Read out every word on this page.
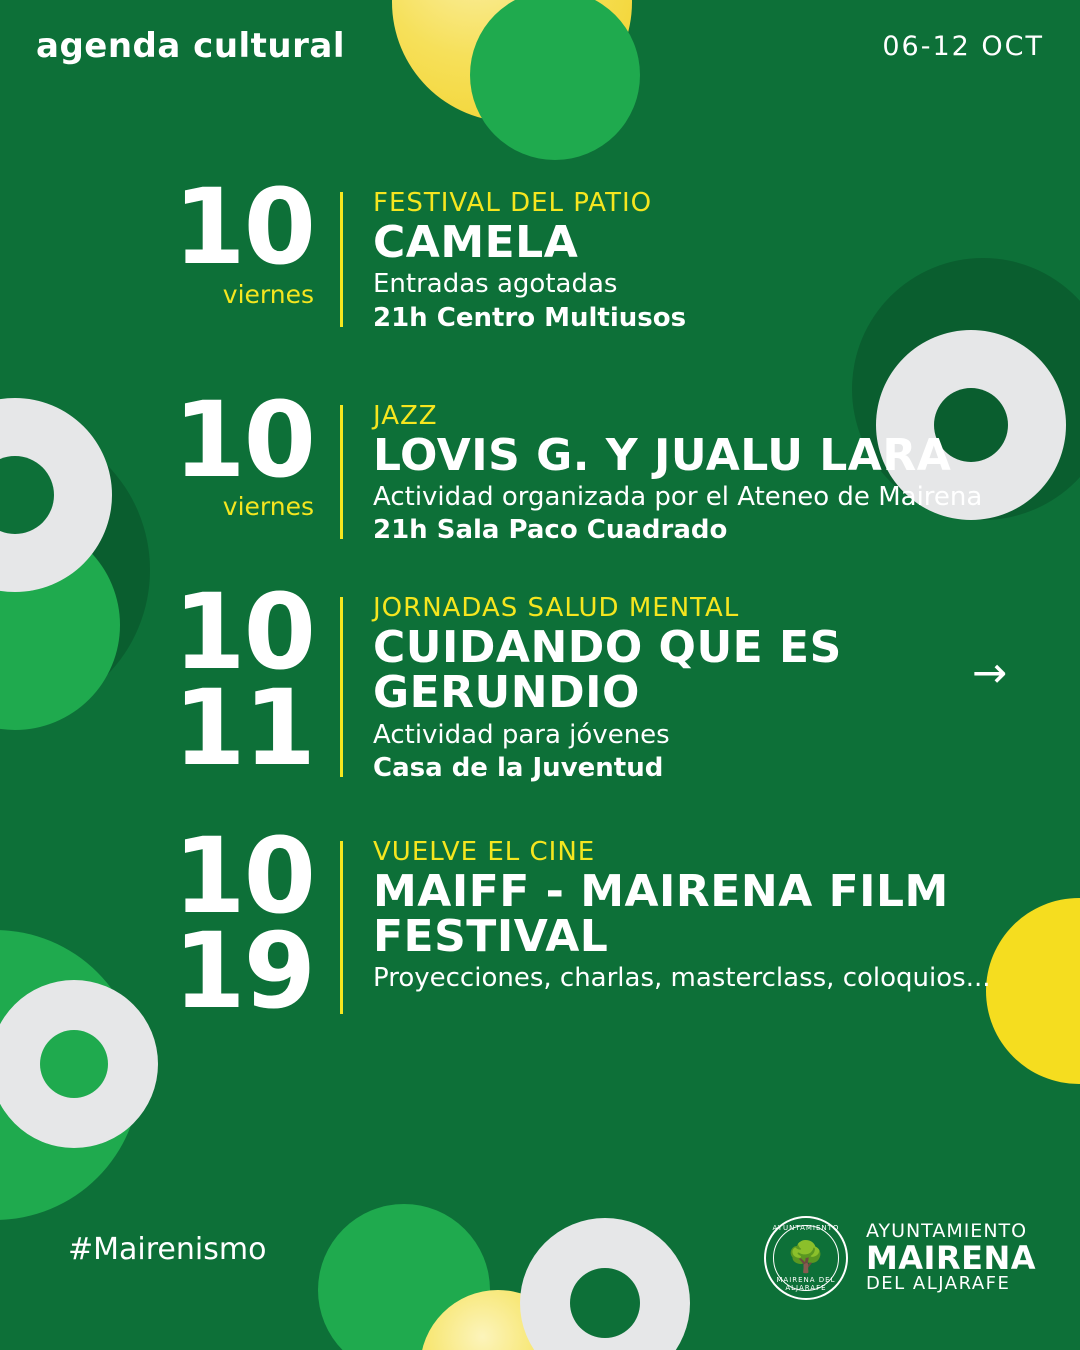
agenda cultural	06-12 OCT
10
viernes
FESTIVAL DEL PATIO
CAMELA
Entradas agotadas
21h Centro Multiusos
10
viernes
JAZZ
LOVIS G. Y JUALU LARA
Actividad organizada por el Ateneo de Mairena
21h Sala Paco Cuadrado
10
11
JORNADAS SALUD MENTAL
CUIDANDO QUE ES GERUNDIO
Actividad para jóvenes
Casa de la Juventud
10
19
VUELVE EL CINE
MAIFF - MAIRENA FILM FESTIVAL
Proyecciones, charlas, masterclass, coloquios...
→
#Mairenismo
AYUNTAMIENTO
🌳
MAIRENA DEL ALJARAFE
AYUNTAMIENTO
MAIRENA
DEL ALJARAFE
